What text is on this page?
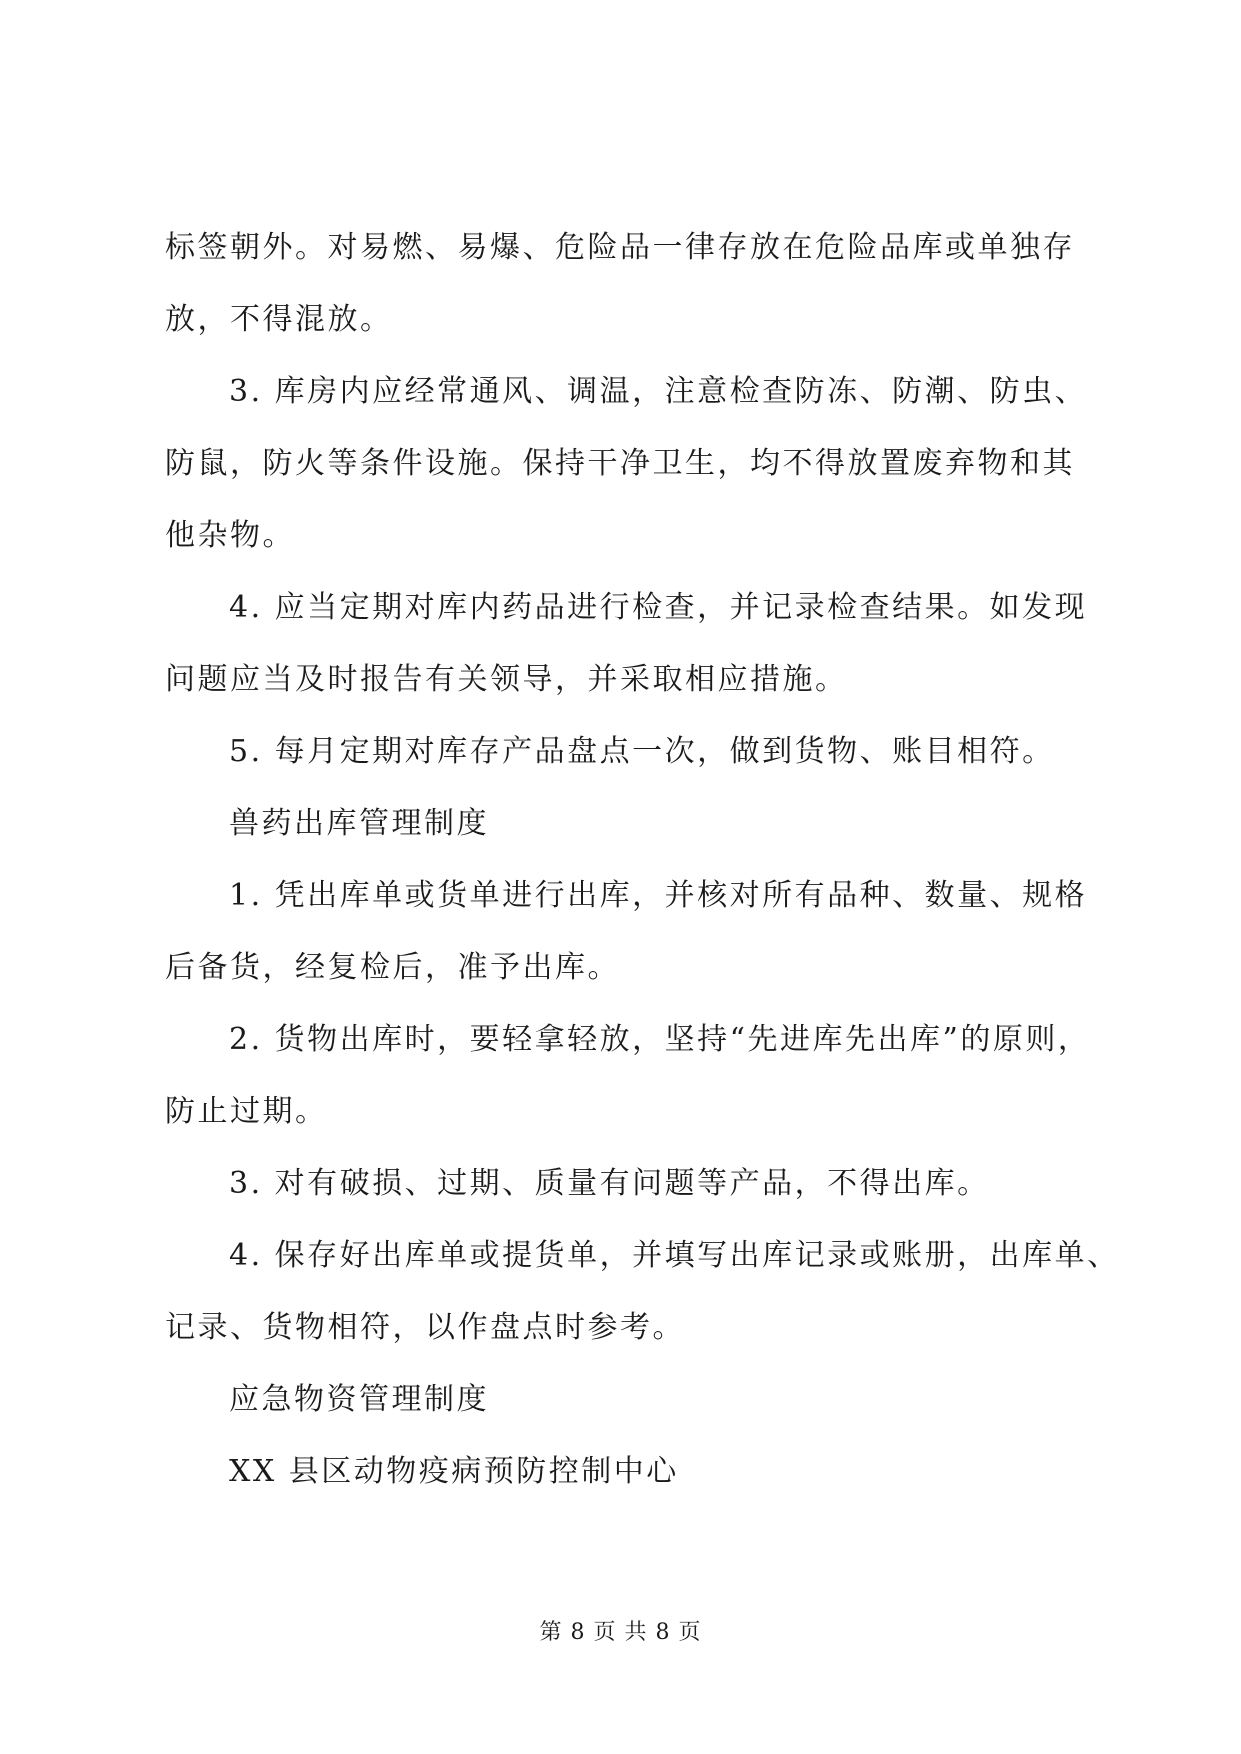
标签朝外。对易燃、易爆、危险品一律存放在危险品库或单独存
放，不得混放。
3. 库房内应经常通风、调温，注意检查防冻、防潮、防虫、
防鼠，防火等条件设施。保持干净卫生，均不得放置废弃物和其
他杂物。
4. 应当定期对库内药品进行检查，并记录检查结果。如发现
问题应当及时报告有关领导，并采取相应措施。
5. 每月定期对库存产品盘点一次，做到货物、账目相符。
兽药出库管理制度
1. 凭出库单或货单进行出库，并核对所有品种、数量、规格
后备货，经复检后，准予出库。
2. 货物出库时，要轻拿轻放，坚持“先进库先出库”的原则，
防止过期。
3. 对有破损、过期、质量有问题等产品，不得出库。
4. 保存好出库单或提货单，并填写出库记录或账册，出库单、
记录、货物相符，以作盘点时参考。
应急物资管理制度
XX 县区动物疫病预防控制中心
第 8 页 共 8 页
